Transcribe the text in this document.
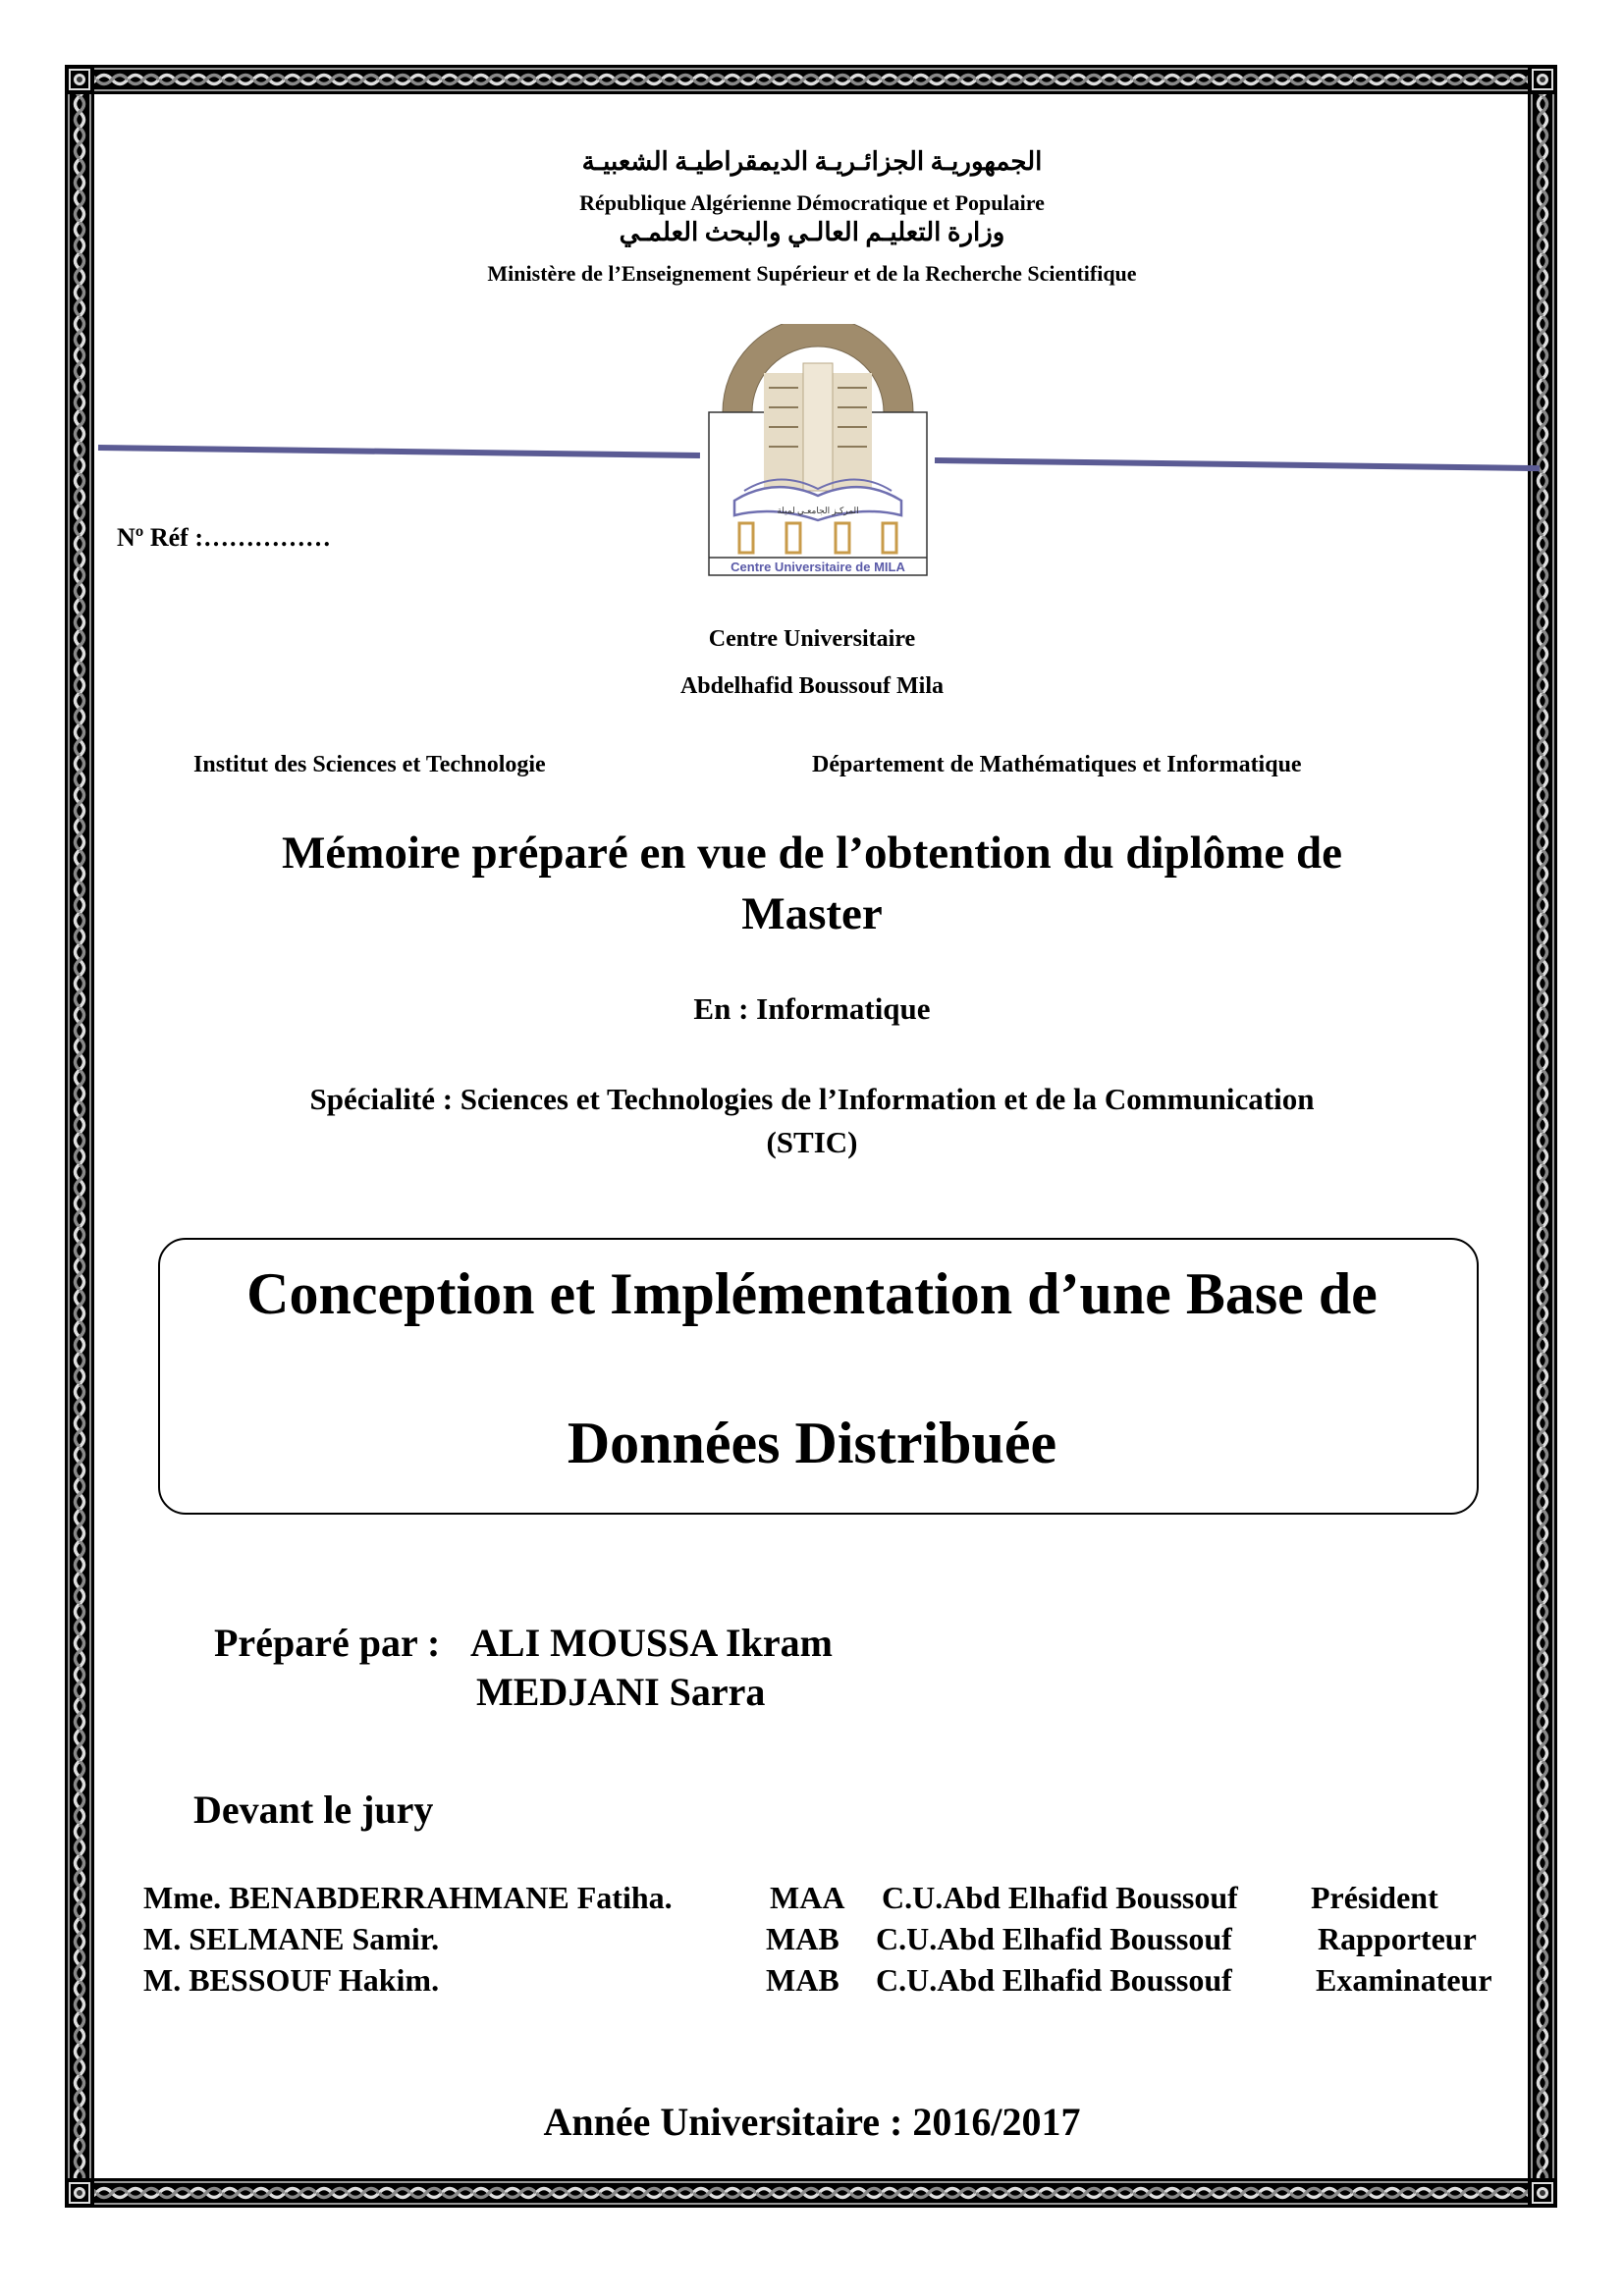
الجمهوريـة الجزائـريـة الديمقراطيـة الشعبيـة
République Algérienne Démocratique et Populaire
وزارة التعليـم العالـي والبحث العلمـي
Ministère de l’Enseignement Supérieur et de la Recherche Scientifique
المركـز الجامعـي لميلة
Centre Universitaire de MILA
Nº Réf :……………
Centre Universitaire
Abdelhafid Boussouf Mila
Institut des Sciences et Technologie	Département de Mathématiques et Informatique
Mémoire préparé en vue de l’obtention du diplôme de
Master
En : Informatique
Spécialité : Sciences et Technologies de l’Information et de la Communication
(STIC)
Conception et Implémentation d’une Base de
Données Distribuée
Préparé par : ALI MOUSSA Ikram
MEDJANI Sarra
Devant le jury
Mme. BENABDERRAHMANE Fatiha.	MAA C.U.Abd Elhafid Boussouf Président
M. SELMANE Samir.	MAB C.U.Abd Elhafid Boussouf	Rapporteur
M. BESSOUF Hakim.	MAB C.U.Abd Elhafid Boussouf	Examinateur
Année Universitaire : 2016/2017
